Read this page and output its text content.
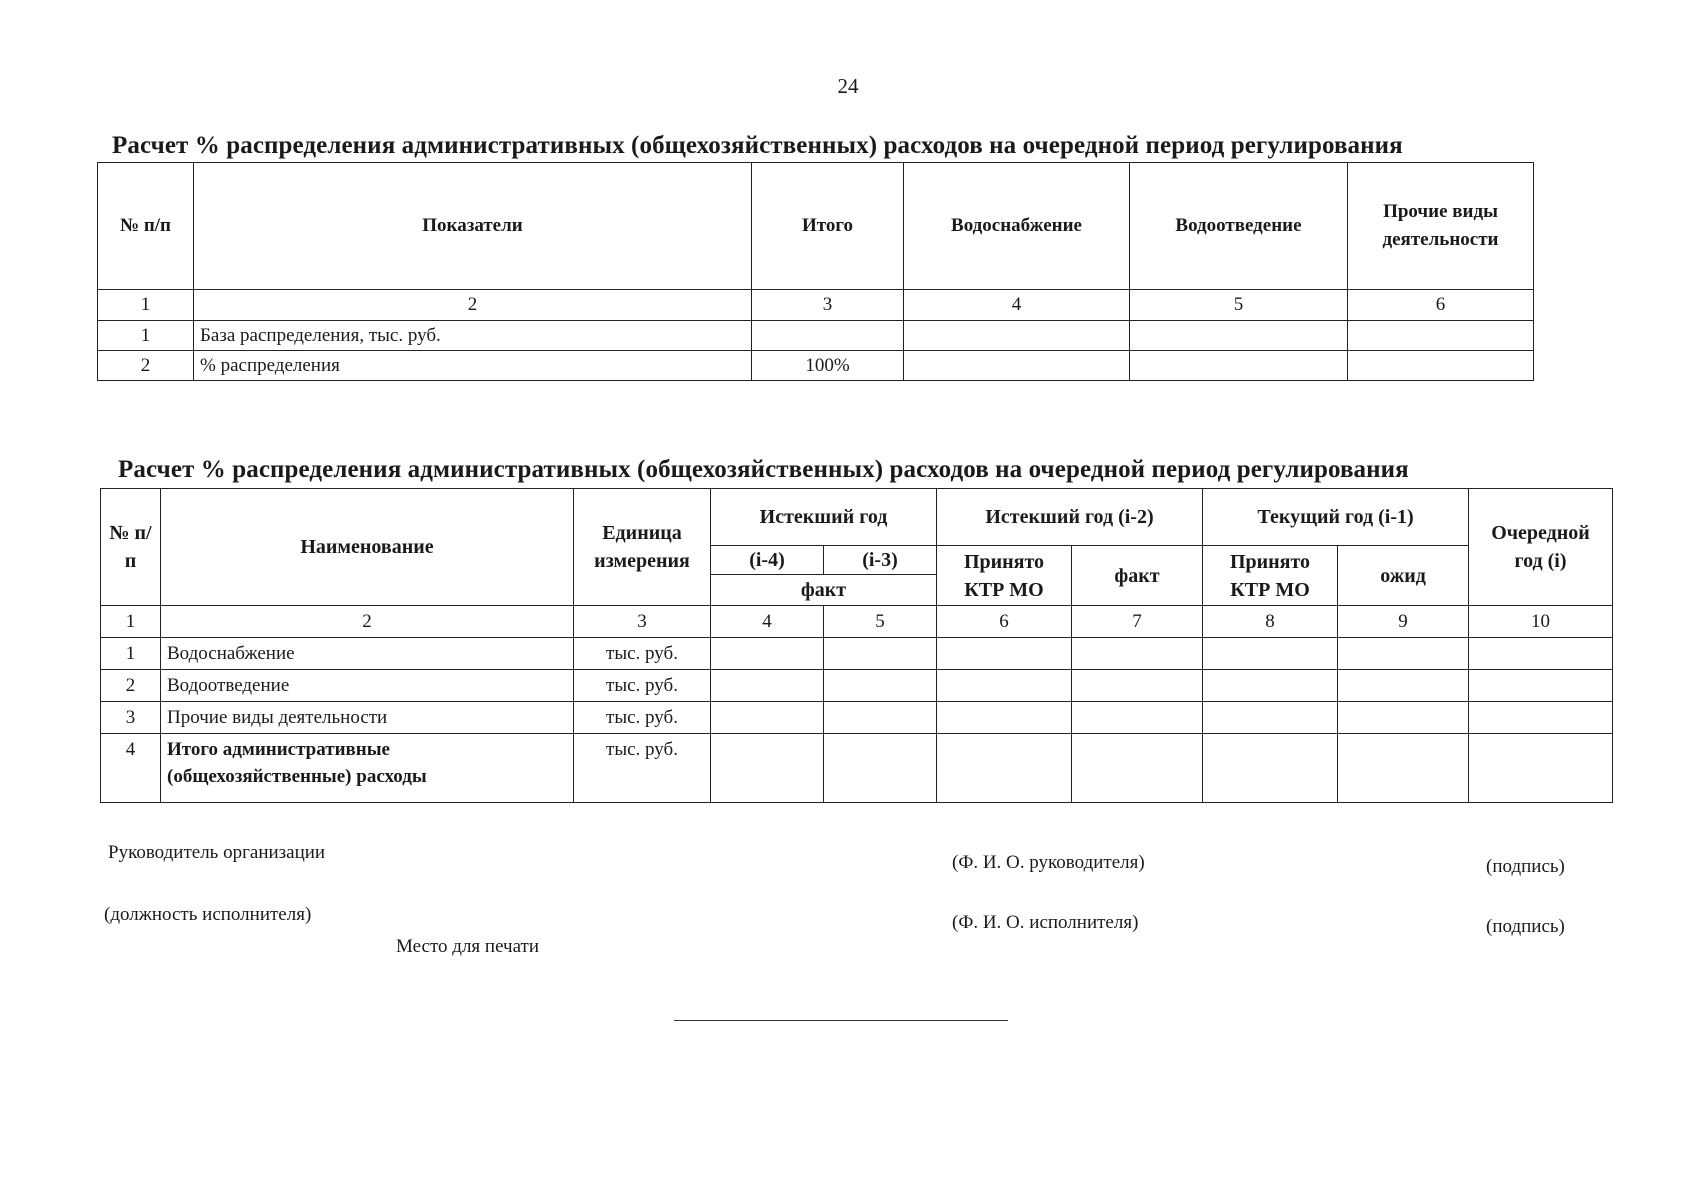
24
Расчет % распределения административных (общехозяйственных) расходов на очередной период регулирования
№ п/п	Показатели	Итого	Водоснабжение	Водоотведение	Прочие виды деятельности
1	2	3	4	5	6
1	База распределения, тыс. руб.				
2	% распределения	100%			
Расчет % распределения административных (общехозяйственных) расходов на очередной период регулирования
№ п/п	Наименование	Единица измерения	Истекший год		Истекший год (i-2)		Текущий год (i-1)		Очередной год (i)
			(i-4)	(i-3)	Принято КТР МО	факт	Принято КТР МО	ожид	
			факт						
1	2	3	4	5	6	7	8	9	10
1	Водоснабжение	тыс. руб.							
2	Водоотведение	тыс. руб.							
3	Прочие виды деятельности	тыс. руб.							
4	Итого административные (общехозяйственные) расходы	тыс. руб.							
Руководитель организации	(Ф. И. О. руководителя)	(подпись)
(должность исполнителя)	(Ф. И. О. исполнителя)	(подпись)
Место для печати
